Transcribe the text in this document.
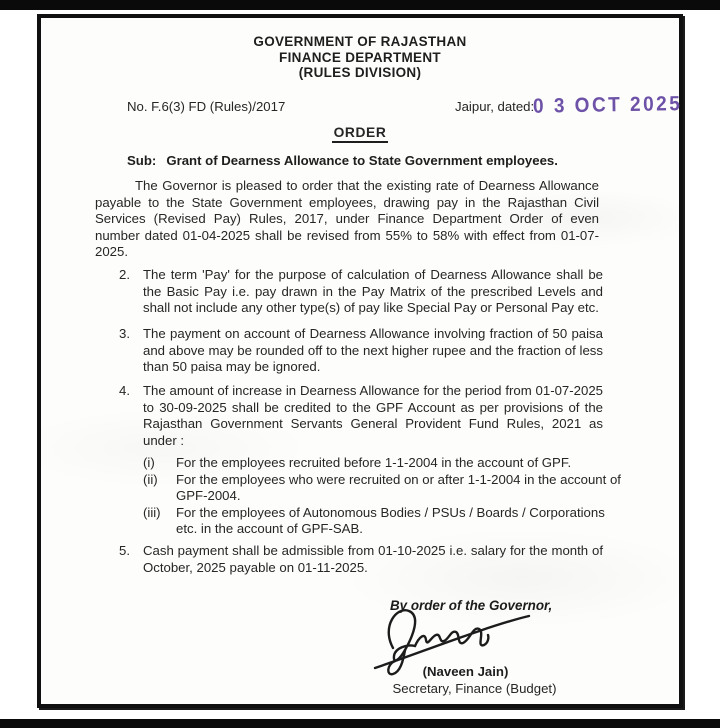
GOVERNMENT OF RAJASTHAN
FINANCE DEPARTMENT
(RULES DIVISION)
No. F.6(3) FD (Rules)/2017	Jaipur, dated:
0 3 OCT 2025
ORDER
Sub: Grant of Dearness Allowance to State Government employees.
The Governor is pleased to order that the existing rate of Dearness Allowance payable to the State Government employees, drawing pay in the Rajasthan Civil Services (Revised Pay) Rules, 2017, under Finance Department Order of even number dated 01-04-2025 shall be revised from 55% to 58% with effect from 01-07-2025.
2. The term 'Pay' for the purpose of calculation of Dearness Allowance shall be the Basic Pay i.e. pay drawn in the Pay Matrix of the prescribed Levels and shall not include any other type(s) of pay like Special Pay or Personal Pay etc.
3. The payment on account of Dearness Allowance involving fraction of 50 paisa and above may be rounded off to the next higher rupee and the fraction of less than 50 paisa may be ignored.
4. The amount of increase in Dearness Allowance for the period from 01-07-2025 to 30-09-2025 shall be credited to the GPF Account as per provisions of the Rajasthan Government Servants General Provident Fund Rules, 2021 as under :
(i) For the employees recruited before 1-1-2004 in the account of GPF.
(ii) For the employees who were recruited on or after 1-1-2004 in the account of GPF-2004.
(iii) For the employees of Autonomous Bodies / PSUs / Boards / Corporations etc. in the account of GPF-SAB.
5. Cash payment shall be admissible from 01-10-2025 i.e. salary for the month of October, 2025 payable on 01-11-2025.
By order of the Governor,
(Naveen Jain)
Secretary, Finance (Budget)
